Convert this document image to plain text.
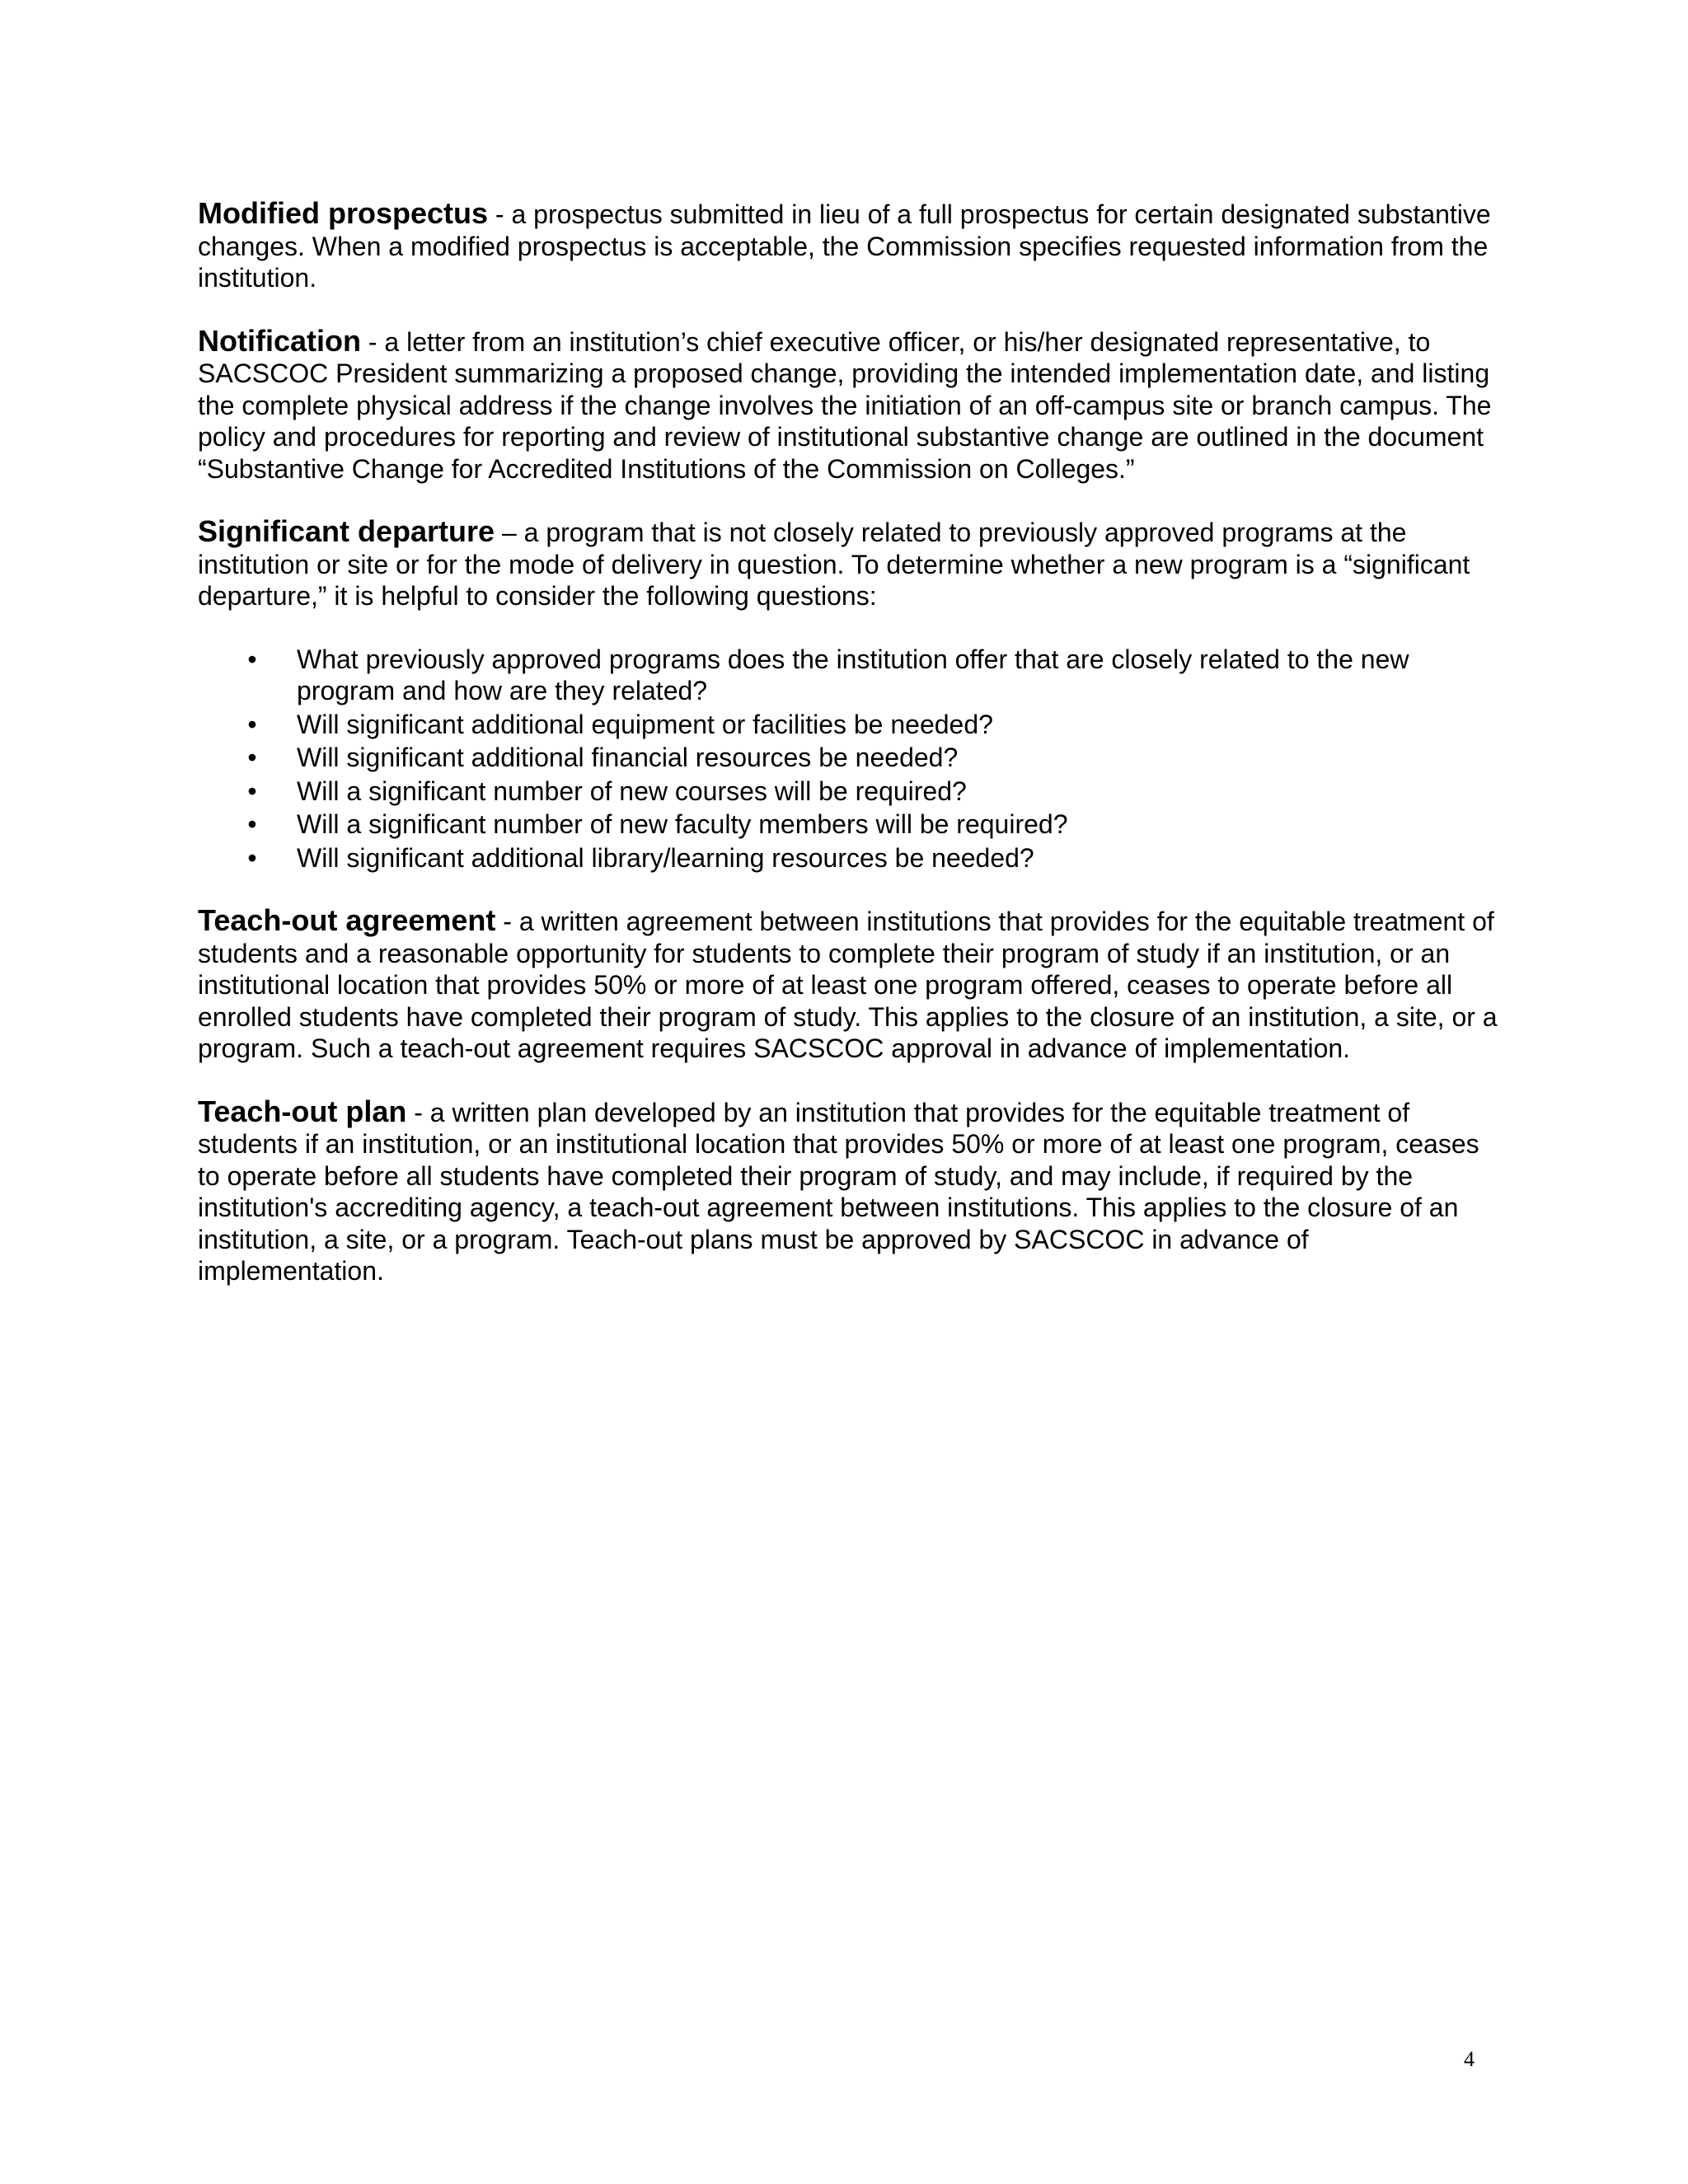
Modified prospectus - a prospectus submitted in lieu of a full prospectus for certain designated substantive changes. When a modified prospectus is acceptable, the Commission specifies requested information from the institution.

Notification - a letter from an institution’s chief executive officer, or his/her designated representative, to SACSCOC President summarizing a proposed change, providing the intended implementation date, and listing the complete physical address if the change involves the initiation of an off-campus site or branch campus. The policy and procedures for reporting and review of institutional substantive change are outlined in the document “Substantive Change for Accredited Institutions of the Commission on Colleges.”

Significant departure – a program that is not closely related to previously approved programs at the institution or site or for the mode of delivery in question. To determine whether a new program is a “significant departure,” it is helpful to consider the following questions:

• What previously approved programs does the institution offer that are closely related to the new program and how are they related?
• Will significant additional equipment or facilities be needed?
• Will significant additional financial resources be needed?
• Will a significant number of new courses will be required?
• Will a significant number of new faculty members will be required?
• Will significant additional library/learning resources be needed?

Teach-out agreement - a written agreement between institutions that provides for the equitable treatment of students and a reasonable opportunity for students to complete their program of study if an institution, or an institutional location that provides 50% or more of at least one program offered, ceases to operate before all enrolled students have completed their program of study. This applies to the closure of an institution, a site, or a program. Such a teach-out agreement requires SACSCOC approval in advance of implementation.

Teach-out plan - a written plan developed by an institution that provides for the equitable treatment of students if an institution, or an institutional location that provides 50% or more of at least one program, ceases to operate before all students have completed their program of study, and may include, if required by the institution's accrediting agency, a teach-out agreement between institutions. This applies to the closure of an institution, a site, or a program. Teach-out plans must be approved by SACSCOC in advance of implementation.

4
